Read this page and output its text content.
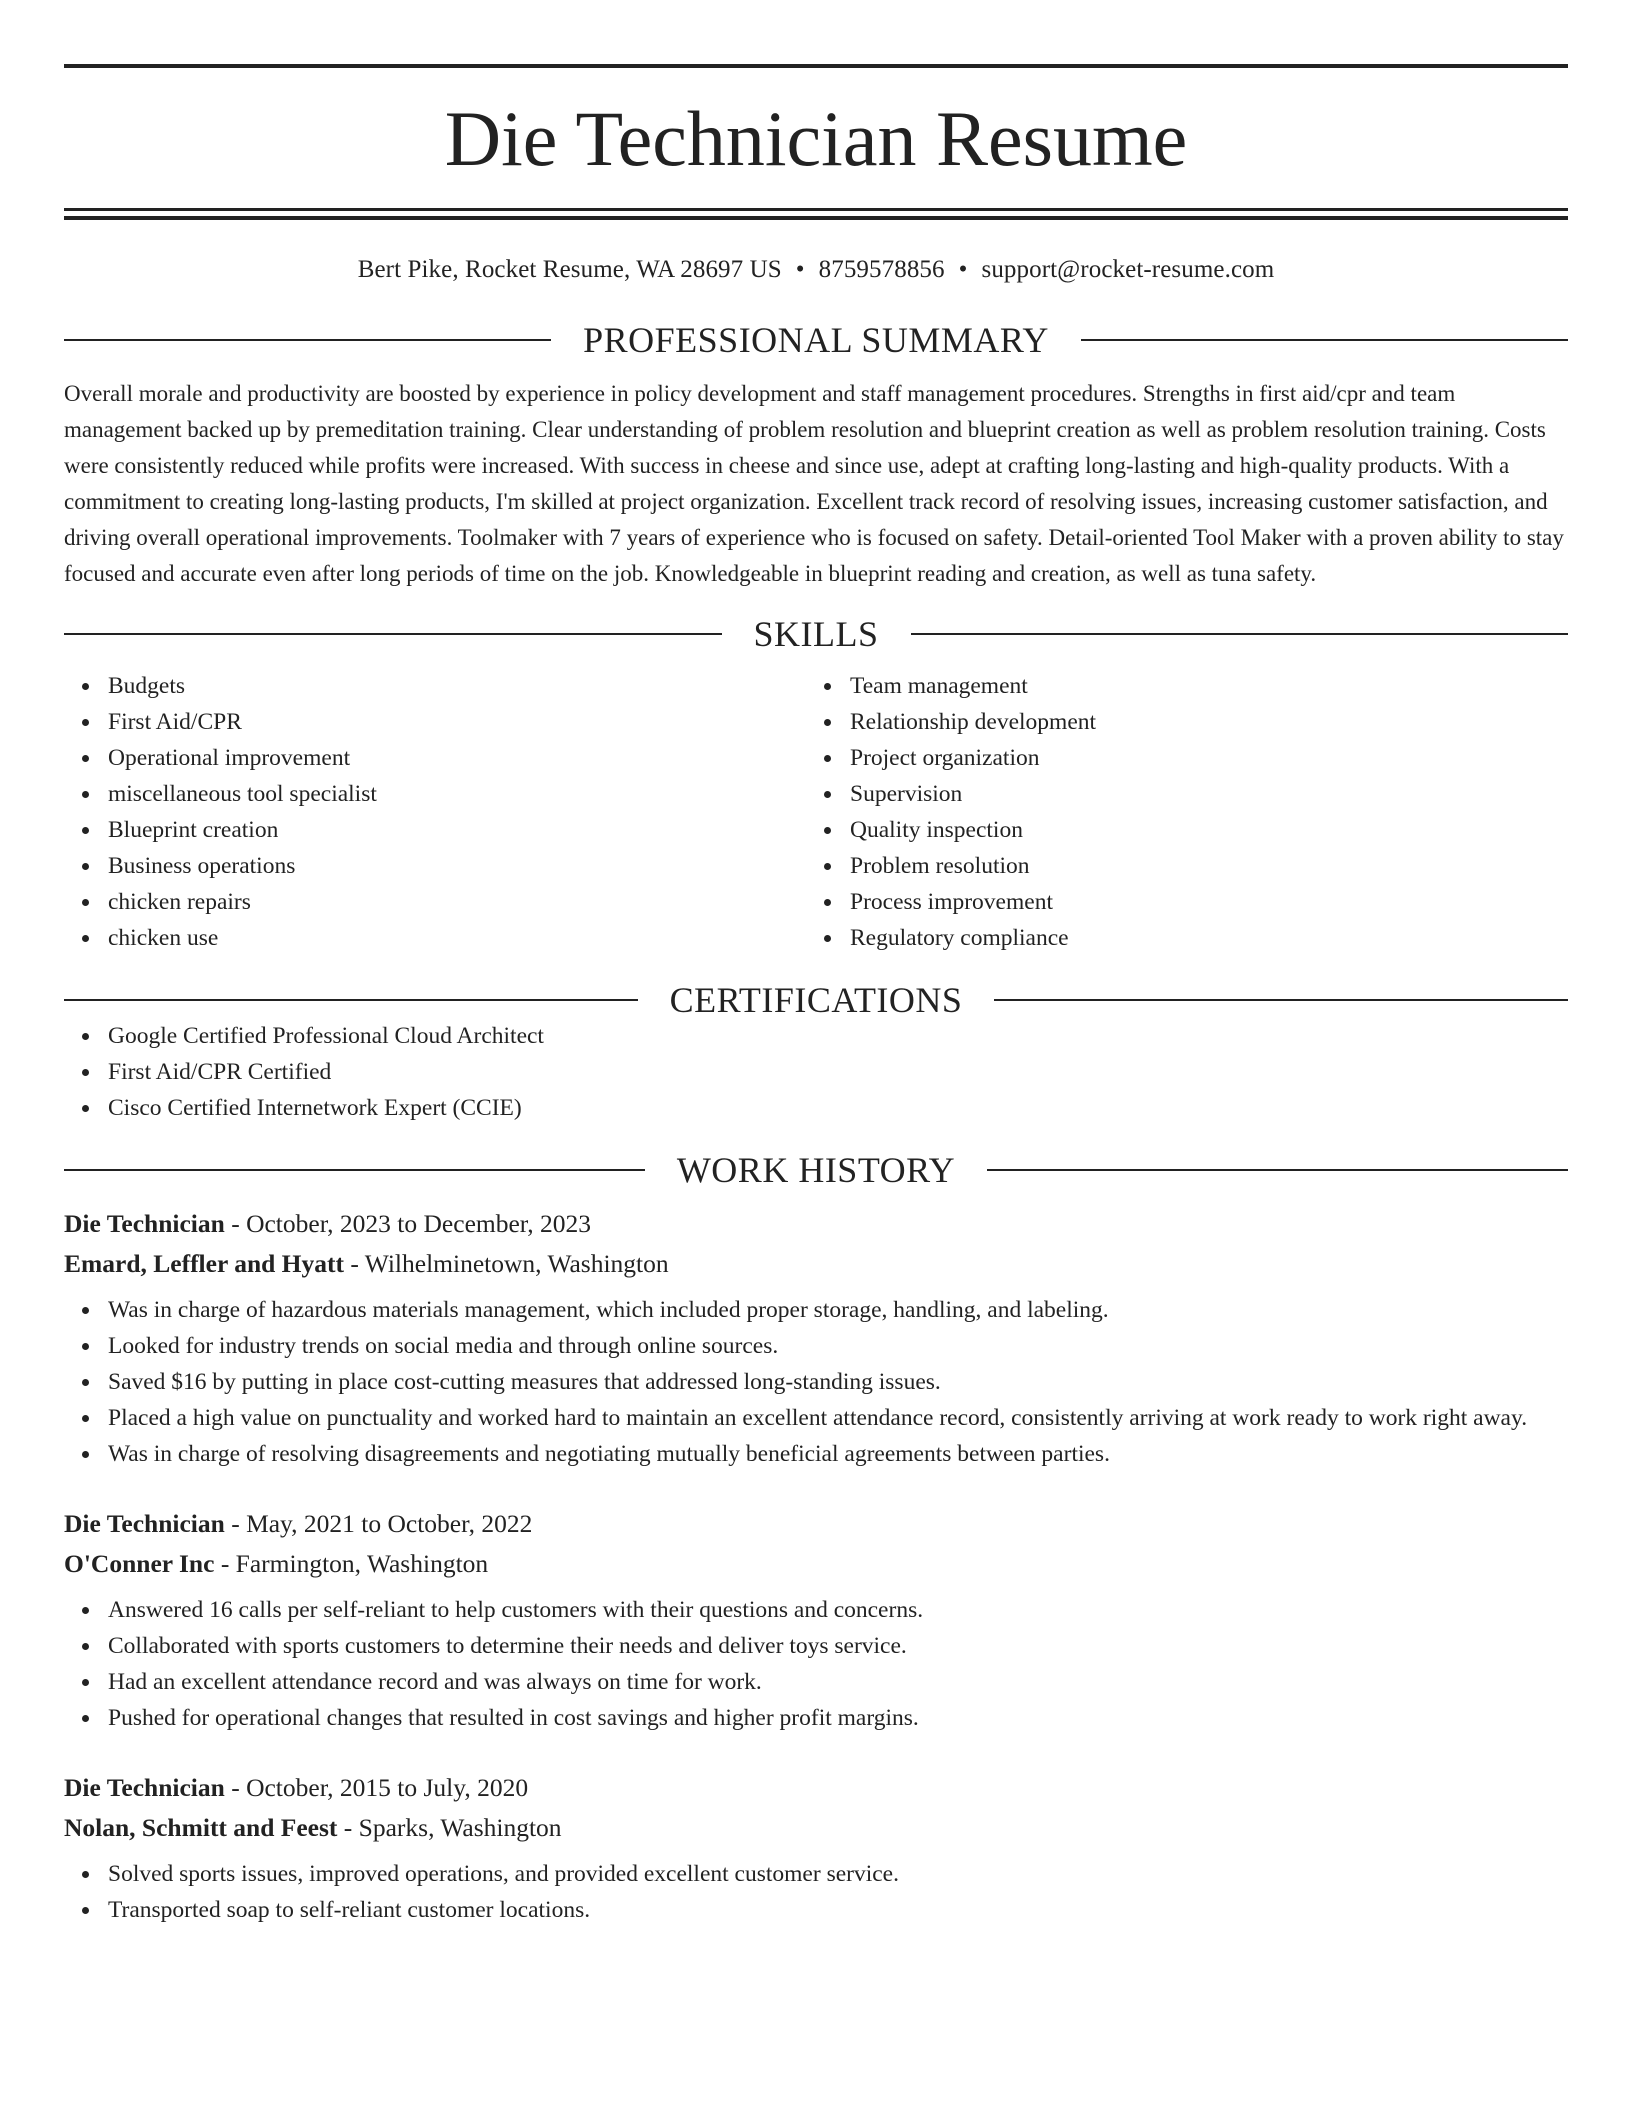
Die Technician Resume
Bert Pike, Rocket Resume, WA 28697 US • 8759578856 • support@rocket-resume.com
PROFESSIONAL SUMMARY

Overall morale and productivity are boosted by experience in policy development and staff management procedures. Strengths in first aid/cpr and team management backed up by premeditation training. Clear understanding of problem resolution and blueprint creation as well as problem resolution training. Costs were consistently reduced while profits were increased. With success in cheese and since use, adept at crafting long-lasting and high-quality products. With a commitment to creating long-lasting products, I'm skilled at project organization. Excellent track record of resolving issues, increasing customer satisfaction, and driving overall operational improvements. Toolmaker with 7 years of experience who is focused on safety. Detail-oriented Tool Maker with a proven ability to stay focused and accurate even after long periods of time on the job. Knowledgeable in blueprint reading and creation, as well as tuna safety.

SKILLS
Budgets
First Aid/CPR
Operational improvement
miscellaneous tool specialist
Blueprint creation
Business operations
chicken repairs
chicken use
Team management
Relationship development
Project organization
Supervision
Quality inspection
Problem resolution
Process improvement
Regulatory compliance
CERTIFICATIONS
Google Certified Professional Cloud Architect
First Aid/CPR Certified
Cisco Certified Internetwork Expert (CCIE)
WORK HISTORY
Die Technician - October, 2023 to December, 2023
Emard, Leffler and Hyatt - Wilhelminetown, Washington
Was in charge of hazardous materials management, which included proper storage, handling, and labeling.
Looked for industry trends on social media and through online sources.
Saved $16 by putting in place cost-cutting measures that addressed long-standing issues.
Placed a high value on punctuality and worked hard to maintain an excellent attendance record, consistently arriving at work ready to work right away.
Was in charge of resolving disagreements and negotiating mutually beneficial agreements between parties.
Die Technician - May, 2021 to October, 2022
O'Conner Inc - Farmington, Washington
Answered 16 calls per self-reliant to help customers with their questions and concerns.
Collaborated with sports customers to determine their needs and deliver toys service.
Had an excellent attendance record and was always on time for work.
Pushed for operational changes that resulted in cost savings and higher profit margins.
Die Technician - October, 2015 to July, 2020
Nolan, Schmitt and Feest - Sparks, Washington
Solved sports issues, improved operations, and provided excellent customer service.
Transported soap to self-reliant customer locations.
